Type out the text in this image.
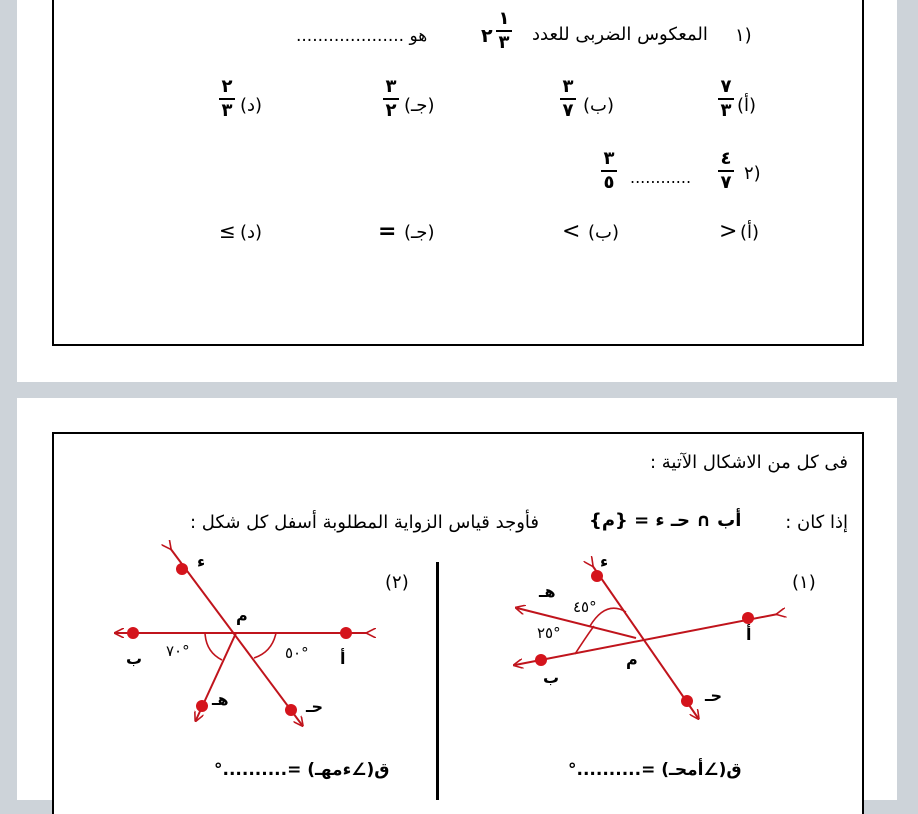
١)
المعكوس الضربى للعدد
١
٣
٢
هو ....................
(أ)
٧
٣
(ب)
٣
٧
(جـ)
٣
٢
(د)
٢
٣
٢)
٤
٧
............
٣
٥
(أ)
>
(ب)
<
(جـ)
=
(د)
≤
فى كل من الاشكال الآتية :
إذا كان :
أب ∩ حـ ء = {م}
فأوجد قياس الزواية المطلوبة أسفل كل شكل :
(١)
ء
هـ
أ
ب
م
حـ
٤٥°
٢٥°
ق(∠أمحـ) =..........°
(٢)
ء
م
ب	أ
هـ	حـ
٧٠°	٥٠°
ق(∠ءمهـ) =..........°
